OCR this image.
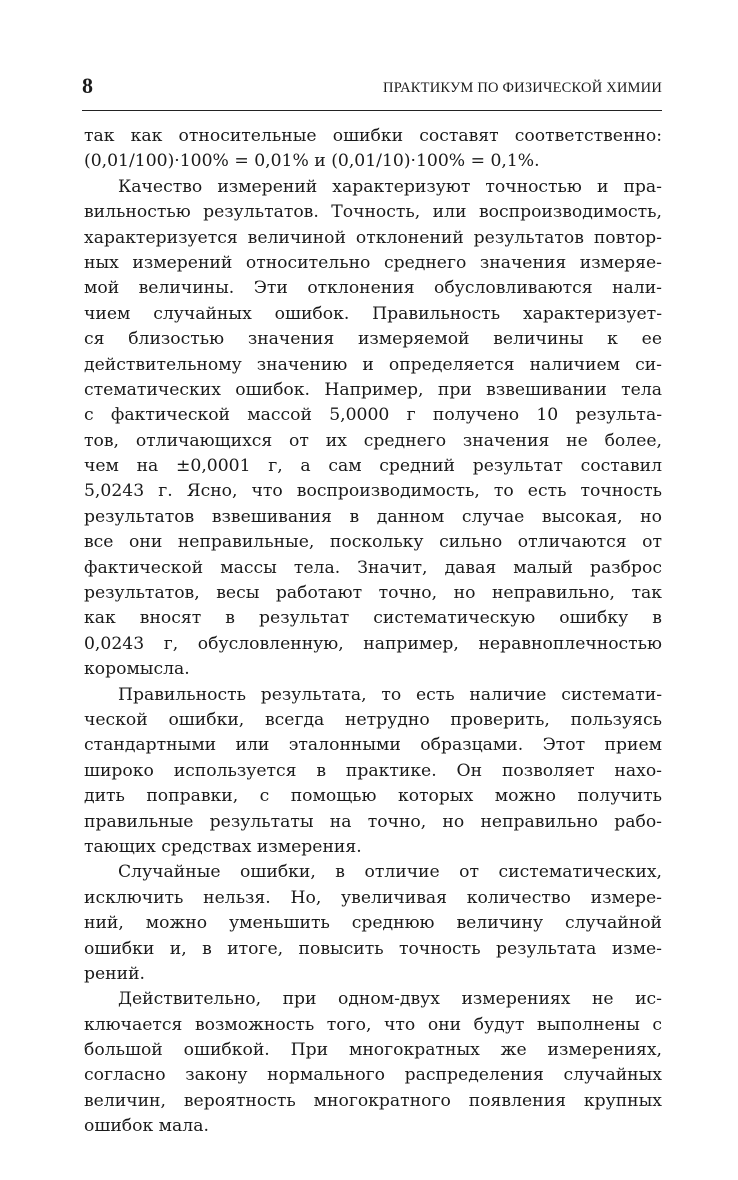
8	ПРАКТИКУМ ПО ФИЗИЧЕСКОЙ ХИМИИ
так как относительные ошибки составят соответственно:
(0,01/100)·100% = 0,01% и (0,01/10)·100% = 0,1%.
Качество измерений характеризуют точностью и пра-
вильностью результатов. Точность, или воспроизводимость,
характеризуется величиной отклонений результатов повтор-
ных измерений относительно среднего значения измеряе-
мой величины. Эти отклонения обусловливаются нали-
чием случайных ошибок. Правильность характеризует-
ся близостью значения измеряемой величины к ее
действительному значению и определяется наличием си-
стематических ошибок. Например, при взвешивании тела
с фактической массой 5,0000 г получено 10 результа-
тов, отличающихся от их среднего значения не более,
чем на ±0,0001 г, а сам средний результат составил
5,0243 г. Ясно, что воспроизводимость, то есть точность
результатов взвешивания в данном случае высокая, но
все они неправильные, поскольку сильно отличаются от
фактической массы тела. Значит, давая малый разброс
результатов, весы работают точно, но неправильно, так
как вносят в результат систематическую ошибку в
0,0243 г, обусловленную, например, неравноплечностью
коромысла.
Правильность результата, то есть наличие системати-
ческой ошибки, всегда нетрудно проверить, пользуясь
стандартными или эталонными образцами. Этот прием
широко используется в практике. Он позволяет нахо-
дить поправки, с помощью которых можно получить
правильные результаты на точно, но неправильно рабо-
тающих средствах измерения.
Случайные ошибки, в отличие от систематических,
исключить нельзя. Но, увеличивая количество измере-
ний, можно уменьшить среднюю величину случайной
ошибки и, в итоге, повысить точность результата изме-
рений.
Действительно, при одном-двух измерениях не ис-
ключается возможность того, что они будут выполнены с
большой ошибкой. При многократных же измерениях,
согласно закону нормального распределения случайных
величин, вероятность многократного появления крупных
ошибок мала.
